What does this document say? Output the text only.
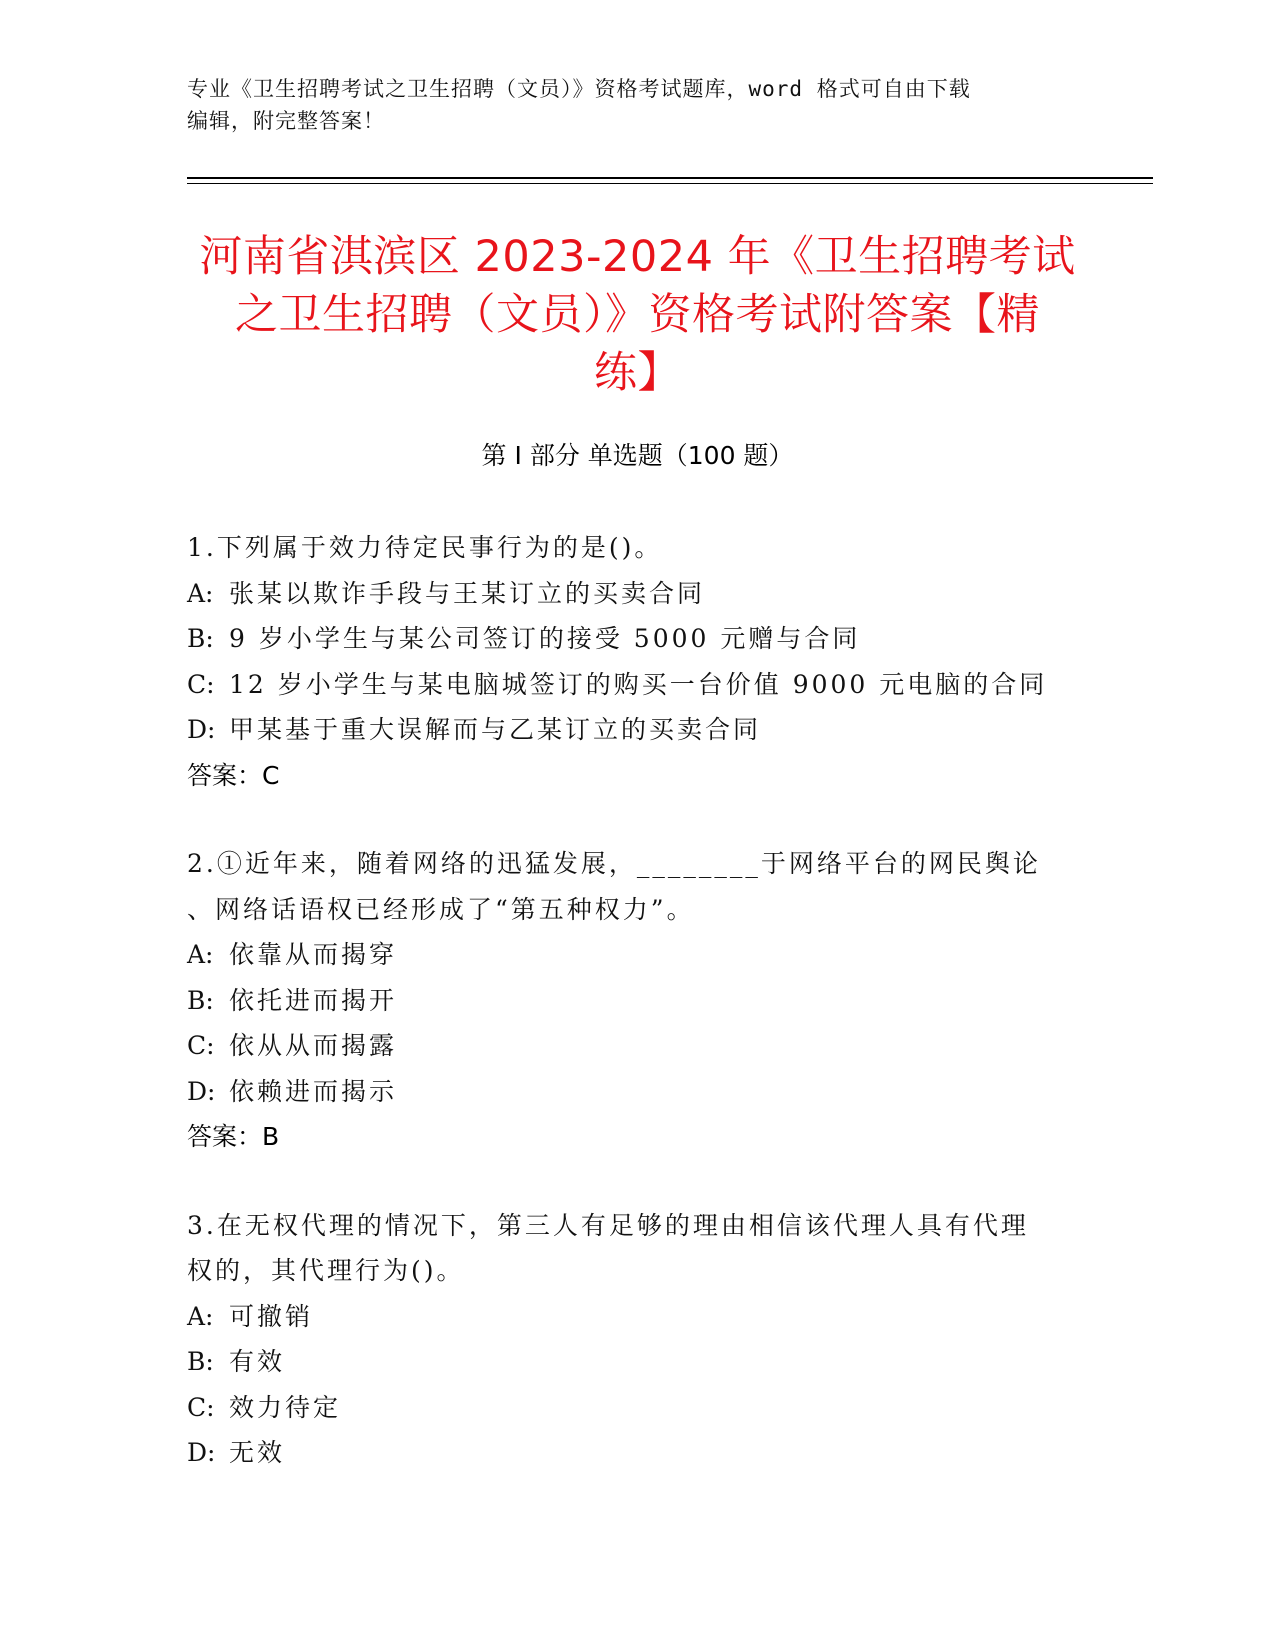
专业《卫生招聘考试之卫生招聘（文员）》资格考试题库，word 格式可自由下载
编辑，附完整答案！
河南省淇滨区 2023-2024 年《卫生招聘考试
之卫生招聘（文员）》资格考试附答案【精
练】
第 I 部分 单选题（100 题）
1.下列属于效力待定民事行为的是()。
A: 张某以欺诈手段与王某订立的买卖合同
B: 9 岁小学生与某公司签订的接受 5000 元赠与合同
C: 12 岁小学生与某电脑城签订的购买一台价值 9000 元电脑的合同
D: 甲某基于重大误解而与乙某订立的买卖合同
答案：C
2.①近年来，随着网络的迅猛发展，________于网络平台的网民舆论
、网络话语权已经形成了“第五种权力”。
A: 依靠从而揭穿
B: 依托进而揭开
C: 依从从而揭露
D: 依赖进而揭示
答案：B
3.在无权代理的情况下，第三人有足够的理由相信该代理人具有代理
权的，其代理行为()。
A: 可撤销
B: 有效
C: 效力待定
D: 无效
